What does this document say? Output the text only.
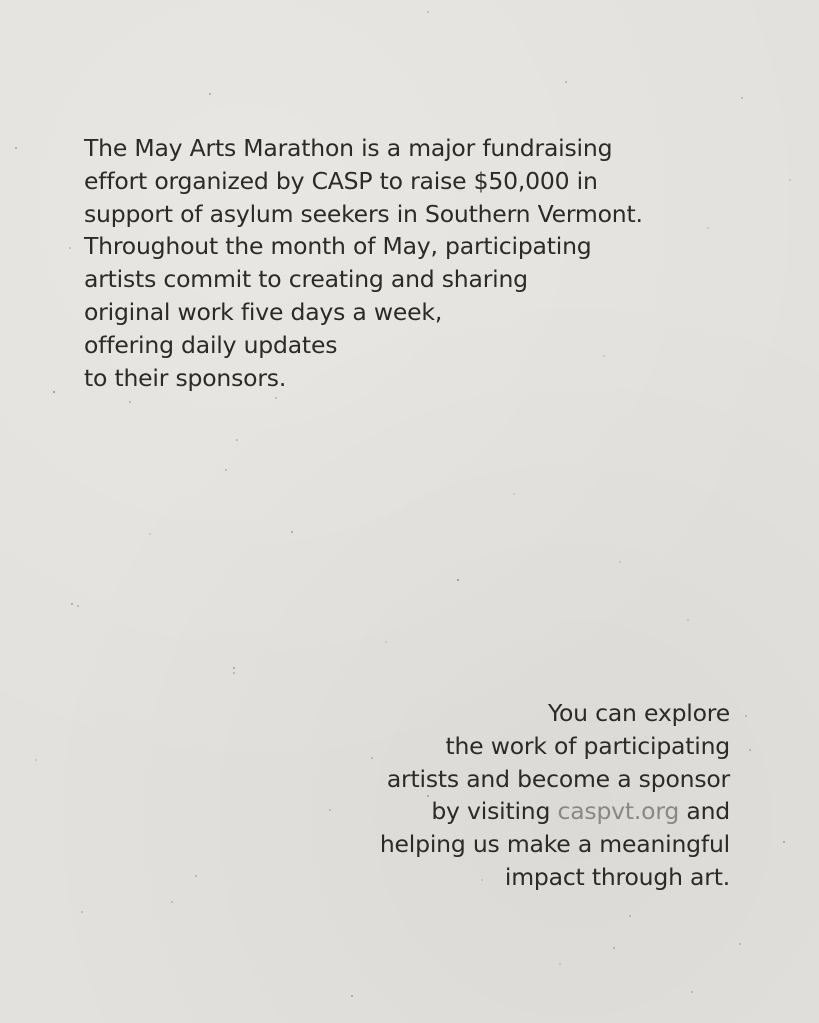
The May Arts Marathon is a major fundraising
effort organized by CASP to raise $50,000 in
support of asylum seekers in Southern Vermont.
Throughout the month of May, participating
artists commit to creating and sharing
original work five days a week,
offering daily updates
to their sponsors.
You can explore
the work of participating
artists and become a sponsor
by visiting caspvt.org and
helping us make a meaningful
impact through art.
